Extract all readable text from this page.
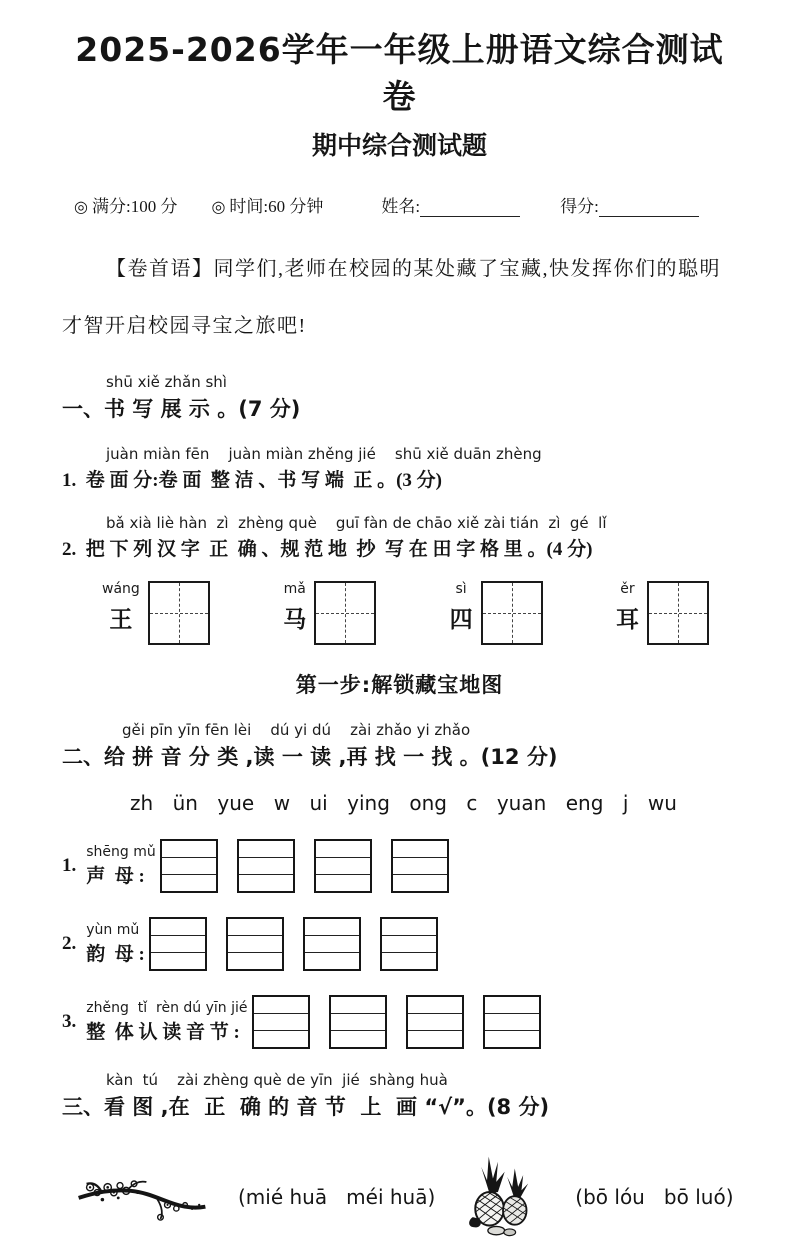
2025-2026学年一年级上册语文综合测试卷
期中综合测试题
◎ 满分:100 分 ◎ 时间:60 分钟	姓名:	得分:
【卷首语】同学们,老师在校园的某处藏了宝藏,快发挥你们的聪明才智开启校园寻宝之旅吧!
shū xiě zhǎn shì
一、书 写 展 示 。(7 分)
juàn miàn fēn    juàn miàn zhěng jié    shū xiě duān zhèng
1.  卷 面 分:卷 面  整 洁 、书 写 端  正 。(3 分)
bǎ xià liè hàn  zì  zhèng què    guī fàn de chāo xiě zài tián  zì  gé  lǐ
2.  把 下 列 汉 字  正  确 、规 范 地  抄  写 在 田 字 格 里 。(4 分)
wáng
王
mǎ
马
sì
四
ěr
耳
第一步:解锁藏宝地图
gěi pīn yīn fēn lèi    dú yi dú    zài zhǎo yi zhǎo
二、给 拼 音 分 类 ,读 一 读 ,再 找 一 找 。(12 分)
zh ün yue w ui ying ong c yuan eng j wu
1.
shēng mǔ
声  母 :
2.
yùn mǔ
韵  母 :
3.
zhěng  tǐ  rèn dú yīn jié
整  体 认 读 音 节 :
kàn  tú    zài zhèng què de yīn  jié  shàng huà
三、看 图 ,在  正  确 的 音 节  上  画 “√”。(8 分)
(mié huā   méi huā)	(bō lóu   bō luó)
